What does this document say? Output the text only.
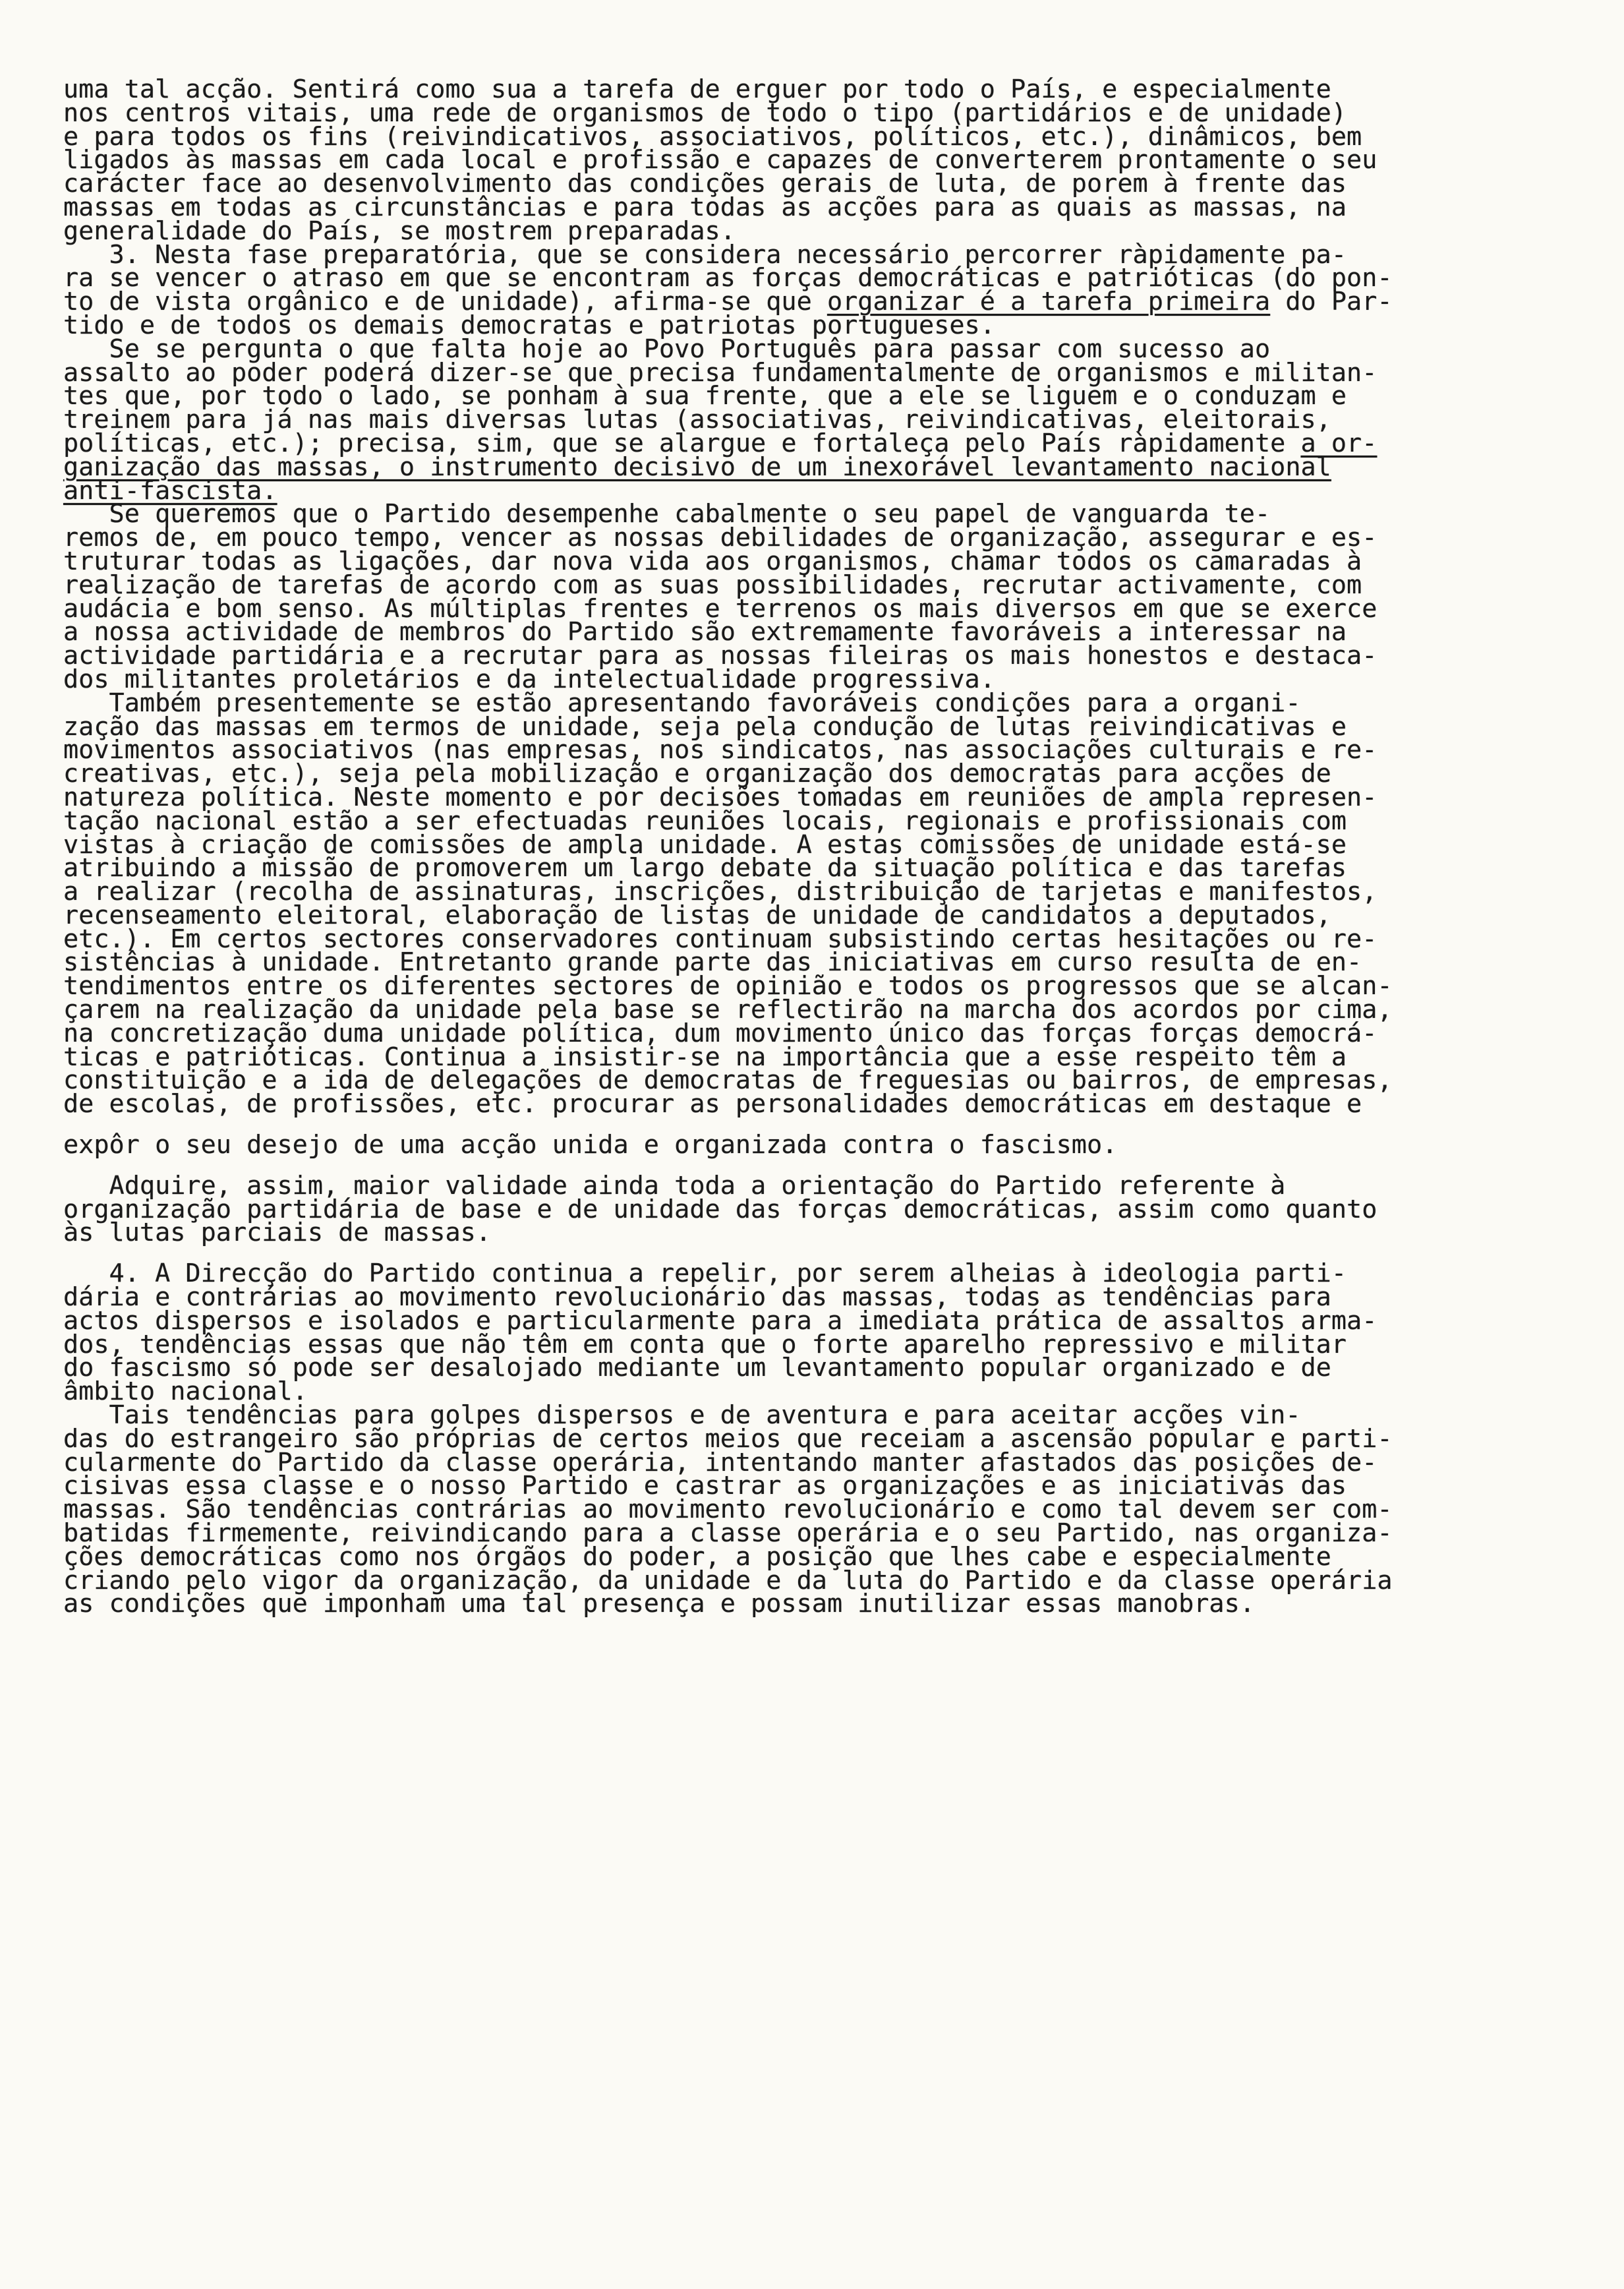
uma tal acção. Sentirá como sua a tarefa de erguer por todo o País, e especialmente
nos centros vitais, uma rede de organismos de todo o tipo (partidários e de unidade)
e para todos os fins (reivindicativos, associativos, políticos, etc.), dinâmicos, bem
ligados às massas em cada local e profissão e capazes de converterem prontamente o seu
carácter face ao desenvolvimento das condições gerais de luta, de porem à frente das
massas em todas as circunstâncias e para todas as acções para as quais as massas, na
generalidade do País, se mostrem preparadas.
3. Nesta fase preparatória, que se considera necessário percorrer ràpidamente pa-
ra se vencer o atraso em que se encontram as forças democráticas e patrióticas (do pon-
to de vista orgânico e de unidade), afirma-se que organizar é a tarefa primeira do Par-
tido e de todos os demais democratas e patriotas portugueses.
Se se pergunta o que falta hoje ao Povo Português para passar com sucesso ao
assalto ao poder poderá dizer-se que precisa fundamentalmente de organismos e militan-
tes que, por todo o lado, se ponham à sua frente, que a ele se liguem e o conduzam e
treinem para já nas mais diversas lutas (associativas, reivindicativas, eleitorais,
políticas, etc.); precisa, sim, que se alargue e fortaleça pelo País ràpidamente a or-
ganização das massas, o instrumento decisivo de um inexorável levantamento nacional
anti-fascista.
Se queremos que o Partido desempenhe cabalmente o seu papel de vanguarda te-
remos de, em pouco tempo, vencer as nossas debilidades de organização, assegurar e es-
truturar todas as ligações, dar nova vida aos organismos, chamar todos os camaradas à
realização de tarefas de acordo com as suas possibilidades, recrutar activamente, com
audácia e bom senso. As múltiplas frentes e terrenos os mais diversos em que se exerce
a nossa actividade de membros do Partido são extremamente favoráveis a interessar na
actividade partidária e a recrutar para as nossas fileiras os mais honestos e destaca-
dos militantes proletários e da intelectualidade progressiva.
Também presentemente se estão apresentando favoráveis condições para a organi-
zação das massas em termos de unidade, seja pela condução de lutas reivindicativas e
movimentos associativos (nas empresas, nos sindicatos, nas associações culturais e re-
creativas, etc.), seja pela mobilização e organização dos democratas para acções de
natureza política. Neste momento e por decisões tomadas em reuniões de ampla represen-
tação nacional estão a ser efectuadas reuniões locais, regionais e profissionais com
vistas à criação de comissões de ampla unidade. A estas comissões de unidade está-se
atribuindo a missão de promoverem um largo debate da situação política e das tarefas
a realizar (recolha de assinaturas, inscrições, distribuição de tarjetas e manifestos,
recenseamento eleitoral, elaboração de listas de unidade de candidatos a deputados,
etc.). Em certos sectores conservadores continuam subsistindo certas hesitações ou re-
sistências à unidade. Entretanto grande parte das iniciativas em curso resulta de en-
tendimentos entre os diferentes sectores de opinião e todos os progressos que se alcan-
çarem na realização da unidade pela base se reflectirão na marcha dos acordos por cima,
na concretização duma unidade política, dum movimento único das forças forças democrá-
ticas e patrióticas. Continua a insistir-se na importância que a esse respeito têm a
constituição e a ida de delegações de democratas de freguesias ou bairros, de empresas,
de escolas, de profissões, etc. procurar as personalidades democráticas em destaque e
expôr o seu desejo de uma acção unida e organizada contra o fascismo.
Adquire, assim, maior validade ainda toda a orientação do Partido referente à
organização partidária de base e de unidade das forças democráticas, assim como quanto
às lutas parciais de massas.
4. A Direcção do Partido continua a repelir, por serem alheias à ideologia parti-
dária e contrárias ao movimento revolucionário das massas, todas as tendências para
actos dispersos e isolados e particularmente para a imediata prática de assaltos arma-
dos, tendências essas que não têm em conta que o forte aparelho repressivo e militar
do fascismo só pode ser desalojado mediante um levantamento popular organizado e de
âmbito nacional.
Tais tendências para golpes dispersos e de aventura e para aceitar acções vin-
das do estrangeiro são próprias de certos meios que receiam a ascensão popular e parti-
cularmente do Partido da classe operária, intentando manter afastados das posições de-
cisivas essa classe e o nosso Partido e castrar as organizações e as iniciativas das
massas. São tendências contrárias ao movimento revolucionário e como tal devem ser com-
batidas firmemente, reivindicando para a classe operária e o seu Partido, nas organiza-
ções democráticas como nos órgãos do poder, a posição que lhes cabe e especialmente
criando pelo vigor da organização, da unidade e da luta do Partido e da classe operária
as condições que imponham uma tal presença e possam inutilizar essas manobras.
